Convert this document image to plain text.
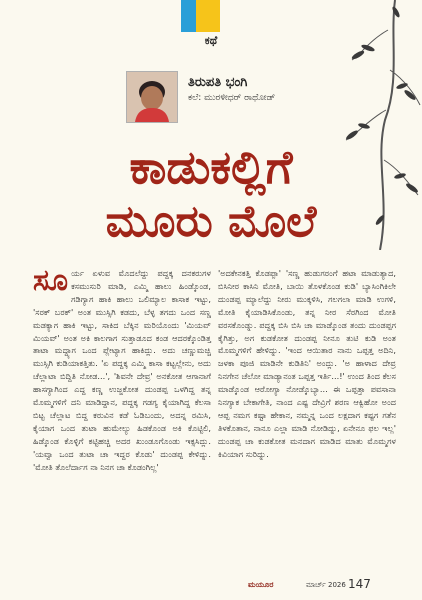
ಕಥೆ
ತಿರುಪತಿ ಭಂಗಿ
ಕಲೆ: ಮುರಳೀಧರ್ ರಾಥೋಡ್
ಕಾಡುಕಲ್ಲಿಗೆ
ಮೂರು ಮೊಲೆ

ಸೂರ್ಯ ಏಳುವ ಮೊದಲೆದ್ದು ಪದ್ದಕ್ಕ ದನಕರುಗಳ ಕಸಮುಸುರಿ ಮಾಡಿ, ಎಮ್ಮಿ ಹಾಲು ಹಿಂಡ್ಕೊಂಡ, ಗಡಿಗ್ಯಾಗ ಹಾಕಿ ಹಾಲು ಒಲಿಮ್ಯಾಲ ಕಾಸಾಕ ಇಟ್ಟು, 'ಸರಕ್ ಬರಕ್' ಅಂತ ಮುಸ್ಸಿಗಿ ಕಡದು, ಬೆಳ್ಳ ತಗದು ಒಂದ ಸಣ್ಣ ಮಡಕ್ಯಾಗ ಹಾಕಿ ಇಟ್ಟು, ಸಾಕಿದ ಬೆಕ್ಕಿನ ಮರಿಯೊಂದು 'ಮಿಯವ್ ಮಿಯವ್' ಅಂತ ಅಕಿ ಕಾಲಗಾಗ ಸುತ್ತಾಡೂದ ಕಂಡ ಆದರಕ್ಕೊಂಡಿತ್ತ ತಾಟಾ ಮದ್ದ್ಯಾಗ ಒಂದ ಪ್ಲೇಟ್ಯಾಗ ಹಾಕಿದ್ಲು. ಅದು ಚಣ್ಣುಮಚ್ಚಿ ಮುಸ್ಸಿಗಿ ಕುಡಿಯಾಕತ್ತಿತು. 'ಏ ಪದ್ದಕ್ಕ ಎಮ್ಮಿ ಕಾಸಾ ಕಟ್ಟಲ್ಲೇನು, ಅದು ಚೆಲ್ಲಾಟಾ ಬಿದ್ದಿತಿ ನೋಡ...', 'ಶಿವನೇ ದೇವ್ರ' ಅನಕೋತ ಆಗಾನಾಗೆ ಹಾಸಗ್ಯಾಗಿಂದ ಎದ್ದ ಕಣ್ಣ ಉಜ್ಜಕೋತ ದುಂಡಪ್ಪ ಒಳಗಿದ್ದ ತನ್ನ ಮೊಮ್ಮಗಳಿಗೆ ದನಿ ಮಾಡಿದ್ದಾನ, ಪದ್ದಕ್ಕ ಗಡಗ್ಯ ಕೈಯಾಗಿದ್ದ ಕೆಲಸಾ ಬಿಟ್ಟ ಚೆಲ್ಲಾಟ ಬಿದ್ದ ಕರುವಿನ ಕಡೆ ಓಡಿಬಂದು, ಅದನ್ನ ರಮಿಸಿ, ಕೈಯಾಗ ಒಂದ ತುಟಾ ಹುಮೇಲ್ಯು ಹಿಡಕೊಂಡ ಅಕಿ ಕೊಟ್ಟಿಲಿ, ಹಿಡ್ಕೊಂಡ ಕೊಳ್ಳಿಗೆ ಕಟ್ಟಿಹಚ್ಚಿ ಅದರ ಖುಂಡೂಗೊಂಡು ಇಕ್ಸಸಿದ್ಲು. 'ಯವ್ವಾ ಒಂದ ತುಟಾ ಚಾ ಇದ್ದರ ಕೊಡು' ದುಂಡಪ್ಪ ಕೇಳಿದ್ನು. 'ಮೋತಿ ತೊಲೆರ್ದಾಗ ನಾ ನಿನಗ ಚಾ ಕೊಡಂಗಿಲ್ಲ'

'ಅದಕೇನಕತ್ತಿ ಕೊಡಪ್ಪಾ' 'ಸಣ್ಣ ಹುಡುಗರಂಗೆ ಹಟಾ ಮಾಡುತ್ಯಾದ, ಬಿಸಿನೀರ ಕಾಸಿನಿ ಮೋತಿ, ಬಾಯಿ ತೊಳಕೊಂಡ ಕುಡಿ' ಬ್ಯಾಸಿಂಗಿಕಿಲೇ ದುಂಡಪ್ಪ ಮ್ಯಾಲೆದ್ದು ನೀರು ಮುಕ್ಕಳಿಸಿ, ಗಲಗಲಾ ಮಾಡಿ ಉಗಳಿ, ಮೋತಿ ಕೈಯಾಡಿಸಿಕೊಂಡು, ತನ್ನ ನೀರ ಸೆರಗಿಂದ ಮೋತಿ ವರಸಕೊಂಡ್ನು. ಪದ್ದಕ್ಕ ಬಿಸಿ ಬಿಸಿ ಚಾ ಮಾಡ್ಕೊಂಡ ತಂದು ದುಂಡಪ್ಪಗ ಕೈಗಿತ್ತು, ಅಗ ಕುಡಕೋತ ದುಂಡಪ್ಪ ನೀನೂ ತುಟಿ ಕುಡಿ ಅಂತ ಮೊಮ್ಮಗಳಿಗೆ ಹೇಳಿದ್ನು. 'ಇಂದ ಆಯಿತಾರ ನಾನು ಒಪ್ಪತ್ತ ಅದಿನಿ, ಜಳಕಾ ಪೂಜಿ ಮಾಡಿನೇ ಕುಡಿತಿನಿ' ಅಂದ್ಲು. 'ಅ ಹಾಳಾದ ದೇವ್ರ ನಿನಗೇನ ಚೆಲೋ ಮಾಡ್ಯಾನಂತ ಒಪ್ಪತ್ತ ಇರ್ತಿ...!' ಉಂದ ತಿಂದ ಕೆಲಸ ಮಾಡ್ಕೊಂಡ ಆರೋಗ್ಯಾ ನೋಡ್ಕೊಬ್ಯಾ... ಈ ಒಪ್ಪತ್ತಾ ಪವಸಾನಾ ನಿನಗ್ಯಾಕ ಬೇಕಾಗೇತಿ, ನಾಂದ ಎಷ್ಟ ದೇವ್ರಿಗೆ ಶರಣ ಆಕ್ವಿಹೋ ಅಂದ ಆಪ್ಪ ನಮಗ ಕಷ್ಟಾ ಹೇಕಾನ, ನಮ್ಮನ್ನ ಒಂದ ಲಕ್ಷದಾಗ ಕಷ್ಟಗ ಗತೆನ ತಿಳಕೊತಾನ, ನಾನೂ ಎಲ್ಲಾ ಮಾಡಿ ನೋಡಿದ್ನು, ಏನೇನೂ ಫಲ ಇಲ್ಲ' ದುಂಡಪ್ಪ ಚಾ ಕುಡಕೋತ ಮನದಾಗ ಮಾಡಿದ ಮಾತು ಮೊಮ್ಮಗಳ ಕಿವಿಯಾಗ ಸುರಿದ್ನು.

ಮಯೂರ	ಮಾರ್ಚ್ 2026 147
